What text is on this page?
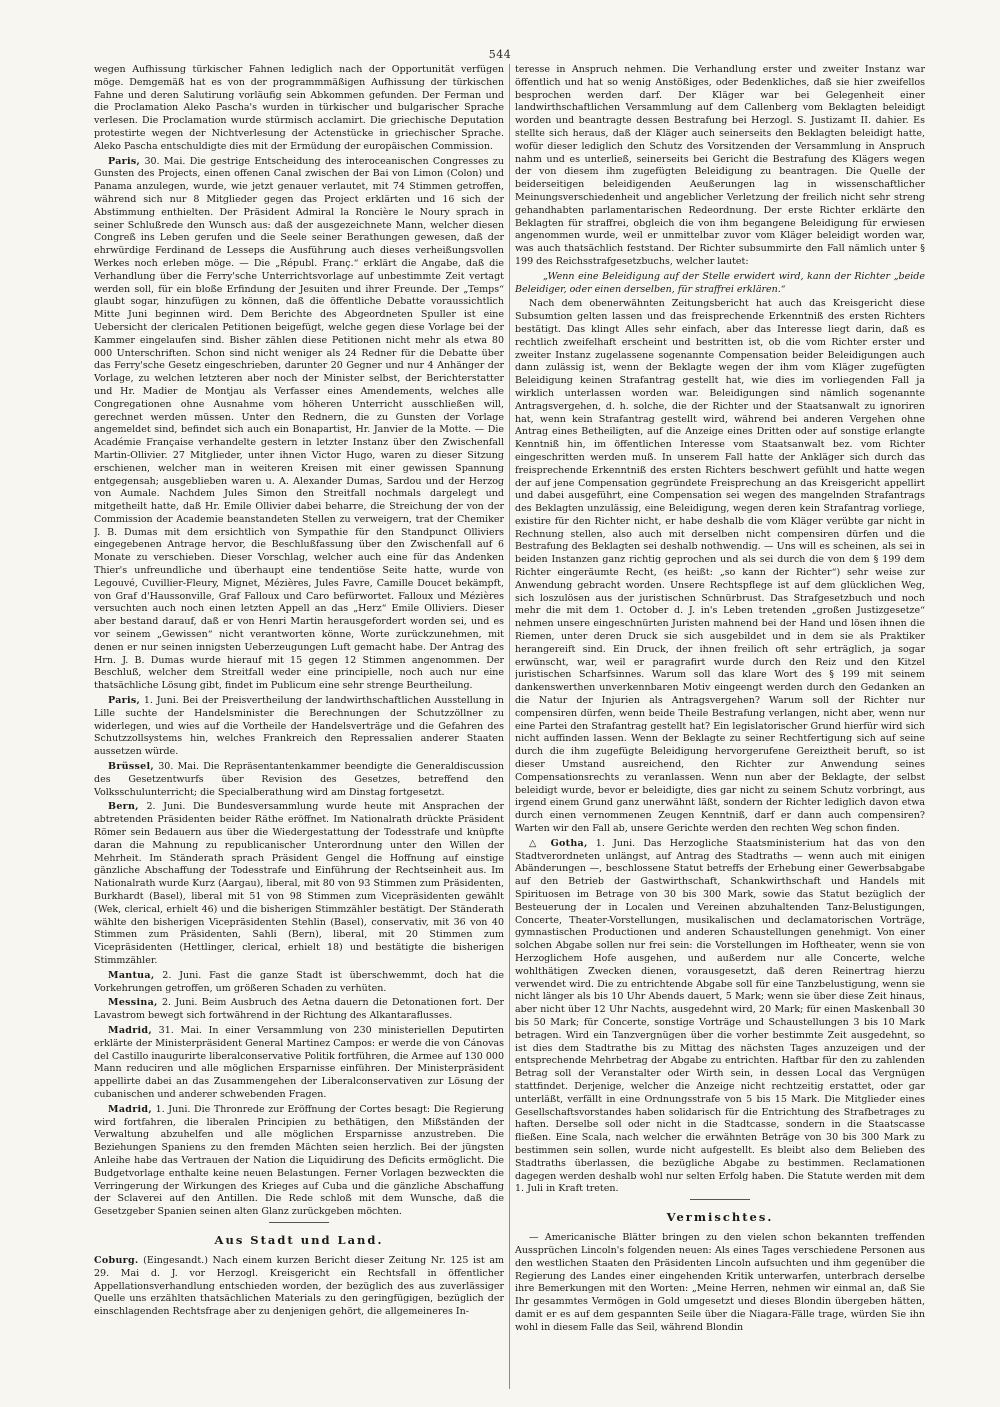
544

wegen Aufhissung türkischer Fahnen lediglich nach der Opportunität verfügen möge. Demgemäß hat es von der programmmäßigen Aufhissung der türkischen Fahne und deren Salutirung vorläufig sein Abkommen gefunden. Der Ferman und die Proclamation Aleko Pascha's wurden in türkischer und bulgarischer Sprache verlesen. Die Proclamation wurde stürmisch acclamirt. Die griechische Deputation protestirte wegen der Nichtverlesung der Actenstücke in griechischer Sprache. Aleko Pascha entschuldigte dies mit der Ermüdung der europäischen Commission.

Paris, 30. Mai. Die gestrige Entscheidung des interoceanischen Congresses zu Gunsten des Projects, einen offenen Canal zwischen der Bai von Limon (Colon) und Panama anzulegen, wurde, wie jetzt genauer verlautet, mit 74 Stimmen getroffen, während sich nur 8 Mitglieder gegen das Project erklärten und 16 sich der Abstimmung enthielten. Der Präsident Admiral la Roncière le Noury sprach in seiner Schlußrede den Wunsch aus: daß der ausgezeichnete Mann, welcher diesen Congreß ins Leben gerufen und die Seele seiner Berathungen gewesen, daß der ehrwürdige Ferdinand de Lesseps die Ausführung auch dieses verheißungsvollen Werkes noch erleben möge. — Die „Républ. Franç.“ erklärt die Angabe, daß die Verhandlung über die Ferry'sche Unterrichtsvorlage auf unbestimmte Zeit vertagt werden soll, für ein bloße Erfindung der Jesuiten und ihrer Freunde. Der „Temps“ glaubt sogar, hinzufügen zu können, daß die öffentliche Debatte voraussichtlich Mitte Juni beginnen wird. Dem Berichte des Abgeordneten Spuller ist eine Uebersicht der clericalen Petitionen beigefügt, welche gegen diese Vorlage bei der Kammer eingelaufen sind. Bisher zählen diese Petitionen nicht mehr als etwa 80 000 Unterschriften. Schon sind nicht weniger als 24 Redner für die Debatte über das Ferry'sche Gesetz eingeschrieben, darunter 20 Gegner und nur 4 Anhänger der Vorlage, zu welchen letzteren aber noch der Minister selbst, der Berichterstatter und Hr. Madier de Montjau als Verfasser eines Amendements, welches alle Congregationen ohne Ausnahme vom höheren Unterricht ausschließen will, gerechnet werden müssen. Unter den Rednern, die zu Gunsten der Vorlage angemeldet sind, befindet sich auch ein Bonapartist, Hr. Janvier de la Motte. — Die Académie Française verhandelte gestern in letzter Instanz über den Zwischenfall Martin-Ollivier. 27 Mitglieder, unter ihnen Victor Hugo, waren zu dieser Sitzung erschienen, welcher man in weiteren Kreisen mit einer gewissen Spannung entgegensah; ausgeblieben waren u. A. Alexander Dumas, Sardou und der Herzog von Aumale. Nachdem Jules Simon den Streitfall nochmals dargelegt und mitgetheilt hatte, daß Hr. Emile Ollivier dabei beharre, die Streichung der von der Commission der Academie beanstandeten Stellen zu verweigern, trat der Chemiker J. B. Dumas mit dem ersichtlich von Sympathie für den Standpunct Olliviers eingegebenen Antrage hervor, die Beschlußfassung über den Zwischenfall auf 6 Monate zu verschieben. Dieser Vorschlag, welcher auch eine für das Andenken Thier's unfreundliche und überhaupt eine tendentiöse Seite hatte, wurde von Legouvé, Cuvillier-Fleury, Mignet, Mézières, Jules Favre, Camille Doucet bekämpft, von Graf d'Haussonville, Graf Falloux und Caro befürwortet. Falloux und Mézières versuchten auch noch einen letzten Appell an das „Herz“ Emile Olliviers. Dieser aber bestand darauf, daß er von Henri Martin herausgefordert worden sei, und es vor seinem „Gewissen“ nicht verantworten könne, Worte zurückzunehmen, mit denen er nur seinen innigsten Ueberzeugungen Luft gemacht habe. Der Antrag des Hrn. J. B. Dumas wurde hierauf mit 15 gegen 12 Stimmen angenommen. Der Beschluß, welcher dem Streitfall weder eine principielle, noch auch nur eine thatsächliche Lösung gibt, findet im Publicum eine sehr strenge Beurtheilung.

Paris, 1. Juni. Bei der Preisvertheilung der landwirthschaftlichen Ausstellung in Lille suchte der Handelsminister die Berechnungen der Schutzzöllner zu widerlegen, und wies auf die Vortheile der Handelsverträge und die Gefahren des Schutzzollsystems hin, welches Frankreich den Repressalien anderer Staaten aussetzen würde.

Brüssel, 30. Mai. Die Repräsentantenkammer beendigte die Generaldiscussion des Gesetzentwurfs über Revision des Gesetzes, betreffend den Volksschulunterricht; die Specialberathung wird am Dinstag fortgesetzt.

Bern, 2. Juni. Die Bundesversammlung wurde heute mit Ansprachen der abtretenden Präsidenten beider Räthe eröffnet. Im Nationalrath drückte Präsident Römer sein Bedauern aus über die Wiedergestattung der Todesstrafe und knüpfte daran die Mahnung zu republicanischer Unterordnung unter den Willen der Mehrheit. Im Ständerath sprach Präsident Gengel die Hoffnung auf einstige gänzliche Abschaffung der Todesstrafe und Einführung der Rechtseinheit aus. Im Nationalrath wurde Kurz (Aargau), liberal, mit 80 von 93 Stimmen zum Präsidenten, Burkhardt (Basel), liberal mit 51 von 98 Stimmen zum Vicepräsidenten gewählt (Wek, clerical, erhielt 46) und die bisherigen Stimmzähler bestätigt. Der Ständerath wählte den bisherigen Vicepräsidenten Stehlin (Basel), conservativ, mit 36 von 40 Stimmen zum Präsidenten, Sahli (Bern), liberal, mit 20 Stimmen zum Vicepräsidenten (Hettlinger, clerical, erhielt 18) und bestätigte die bisherigen Stimmzähler.

Mantua, 2. Juni. Fast die ganze Stadt ist überschwemmt, doch hat die Vorkehrungen getroffen, um größeren Schaden zu verhüten.

Messina, 2. Juni. Beim Ausbruch des Aetna dauern die Detonationen fort. Der Lavastrom bewegt sich fortwährend in der Richtung des Alkantaraflusses.

Madrid, 31. Mai. In einer Versammlung von 230 ministeriellen Deputirten erklärte der Ministerpräsident General Martinez Campos: er werde die von Cánovas del Castillo inaugurirte liberalconservative Politik fortführen, die Armee auf 130 000 Mann reduciren und alle möglichen Ersparnisse einführen. Der Ministerpräsident appellirte dabei an das Zusammengehen der Liberalconservativen zur Lösung der cubanischen und anderer schwebenden Fragen.

Madrid, 1. Juni. Die Thronrede zur Eröffnung der Cortes besagt: Die Regierung wird fortfahren, die liberalen Principien zu bethätigen, den Mißständen der Verwaltung abzuhelfen und alle möglichen Ersparnisse anzustreben. Die Beziehungen Spaniens zu den fremden Mächten seien herzlich. Bei der jüngsten Anleihe habe das Vertrauen der Nation die Liquidirung des Deficits ermöglicht. Die Budgetvorlage enthalte keine neuen Belastungen. Ferner Vorlagen bezweckten die Verringerung der Wirkungen des Krieges auf Cuba und die gänzliche Abschaffung der Sclaverei auf den Antillen. Die Rede schloß mit dem Wunsche, daß die Gesetzgeber Spanien seinen alten Glanz zurückgeben möchten.

Aus Stadt und Land.

Coburg. (Eingesandt.) Nach einem kurzen Bericht dieser Zeitung Nr. 125 ist am 29. Mai d. J. vor Herzogl. Kreisgericht ein Rechtsfall in öffentlicher Appellationsverhandlung entschieden worden, der bezüglich des aus zuverlässiger Quelle uns erzählten thatsächlichen Materials zu den geringfügigen, bezüglich der einschlagenden Rechtsfrage aber zu denjenigen gehört, die allgemeineres In-

teresse in Anspruch nehmen. Die Verhandlung erster und zweiter Instanz war öffentlich und hat so wenig Anstößiges, oder Bedenkliches, daß sie hier zweifellos besprochen werden darf. Der Kläger war bei Gelegenheit einer landwirthschaftlichen Versammlung auf dem Callenberg vom Beklagten beleidigt worden und beantragte dessen Bestrafung bei Herzogl. S. Justizamt II. dahier. Es stellte sich heraus, daß der Kläger auch seinerseits den Beklagten beleidigt hatte, wofür dieser lediglich den Schutz des Vorsitzenden der Versammlung in Anspruch nahm und es unterließ, seinerseits bei Gericht die Bestrafung des Klägers wegen der von diesem ihm zugefügten Beleidigung zu beantragen. Die Quelle der beiderseitigen beleidigenden Aeußerungen lag in wissenschaftlicher Meinungsverschiedenheit und angeblicher Verletzung der freilich nicht sehr streng gehandhabten parlamentarischen Redeordnung. Der erste Richter erklärte den Beklagten für straffrei, obgleich die von ihm begangene Beleidigung für erwiesen angenommen wurde, weil er unmittelbar zuvor vom Kläger beleidigt worden war, was auch thatsächlich feststand. Der Richter subsummirte den Fall nämlich unter § 199 des Reichsstrafgesetzbuchs, welcher lautet:

„Wenn eine Beleidigung auf der Stelle erwidert wird, kann der Richter „beide Beleidiger, oder einen derselben, für straffrei erklären.“

Nach dem obenerwähnten Zeitungsbericht hat auch das Kreisgericht diese Subsumtion gelten lassen und das freisprechende Erkenntniß des ersten Richters bestätigt. Das klingt Alles sehr einfach, aber das Interesse liegt darin, daß es rechtlich zweifelhaft erscheint und bestritten ist, ob die vom Richter erster und zweiter Instanz zugelassene sogenannte Compensation beider Beleidigungen auch dann zulässig ist, wenn der Beklagte wegen der ihm vom Kläger zugefügten Beleidigung keinen Strafantrag gestellt hat, wie dies im vorliegenden Fall ja wirklich unterlassen worden war. Beleidigungen sind nämlich sogenannte Antragsvergehen, d. h. solche, die der Richter und der Staatsanwalt zu ignoriren hat, wenn kein Strafantrag gestellt wird, während bei anderen Vergehen ohne Antrag eines Betheiligten, auf die Anzeige eines Dritten oder auf sonstige erlangte Kenntniß hin, im öffentlichen Interesse vom Staatsanwalt bez. vom Richter eingeschritten werden muß. In unserem Fall hatte der Ankläger sich durch das freisprechende Erkenntniß des ersten Richters beschwert gefühlt und hatte wegen der auf jene Compensation gegründete Freisprechung an das Kreisgericht appellirt und dabei ausgeführt, eine Compensation sei wegen des mangelnden Strafantrags des Beklagten unzulässig, eine Beleidigung, wegen deren kein Strafantrag vorliege, existire für den Richter nicht, er habe deshalb die vom Kläger verübte gar nicht in Rechnung stellen, also auch mit derselben nicht compensiren dürfen und die Bestrafung des Beklagten sei deshalb nothwendig. — Uns will es scheinen, als sei in beiden Instanzen ganz richtig geprochen und als sei durch die von dem § 199 dem Richter eingeräumte Recht, (es heißt: „so kann der Richter“) sehr weise zur Anwendung gebracht worden. Unsere Rechtspflege ist auf dem glücklichen Weg, sich loszulösen aus der juristischen Schnürbrust. Das Strafgesetzbuch und noch mehr die mit dem 1. October d. J. in's Leben tretenden „großen Justizgesetze“ nehmen unsere eingeschnürten Juristen mahnend bei der Hand und lösen ihnen die Riemen, unter deren Druck sie sich ausgebildet und in dem sie als Praktiker herangereift sind. Ein Druck, der ihnen freilich oft sehr erträglich, ja sogar erwünscht, war, weil er paragrafirt wurde durch den Reiz und den Kitzel juristischen Scharfsinnes. Warum soll das klare Wort des § 199 mit seinem dankenswerthen unverkennbaren Motiv eingeengt werden durch den Gedanken an die Natur der Injurien als Antragsvergehen? Warum soll der Richter nur compensiren dürfen, wenn beide Theile Bestrafung verlangen, nicht aber, wenn nur eine Partei den Strafantrag gestellt hat? Ein legislatorischer Grund hierfür wird sich nicht auffinden lassen. Wenn der Beklagte zu seiner Rechtfertigung sich auf seine durch die ihm zugefügte Beleidigung hervorgerufene Gereiztheit beruft, so ist dieser Umstand ausreichend, den Richter zur Anwendung seines Compensationsrechts zu veranlassen. Wenn nun aber der Beklagte, der selbst beleidigt wurde, bevor er beleidigte, dies gar nicht zu seinem Schutz vorbringt, aus irgend einem Grund ganz unerwähnt läßt, sondern der Richter lediglich davon etwa durch einen vernommenen Zeugen Kenntniß, darf er dann auch compensiren? Warten wir den Fall ab, unsere Gerichte werden den rechten Weg schon finden.

△ Gotha, 1. Juni. Das Herzogliche Staatsministerium hat das von den Stadtverordneten unlängst, auf Antrag des Stadtraths — wenn auch mit einigen Abänderungen —, beschlossene Statut betreffs der Erhebung einer Gewerbsabgabe auf den Betrieb der Gastwirthschaft, Schankwirthschaft und Handels mit Spirituosen im Betrage von 30 bis 300 Mark, sowie das Statut bezüglich der Besteuerung der in Localen und Vereinen abzuhaltenden Tanz-Belustigungen, Concerte, Theater-Vorstellungen, musikalischen und declamatorischen Vorträge, gymnastischen Productionen und anderen Schaustellungen genehmigt. Von einer solchen Abgabe sollen nur frei sein: die Vorstellungen im Hoftheater, wenn sie von Herzoglichem Hofe ausgehen, und außerdem nur alle Concerte, welche wohlthätigen Zwecken dienen, vorausgesetzt, daß deren Reinertrag hierzu verwendet wird. Die zu entrichtende Abgabe soll für eine Tanzbelustigung, wenn sie nicht länger als bis 10 Uhr Abends dauert, 5 Mark; wenn sie über diese Zeit hinaus, aber nicht über 12 Uhr Nachts, ausgedehnt wird, 20 Mark; für einen Maskenball 30 bis 50 Mark; für Concerte, sonstige Vorträge und Schaustellungen 3 bis 10 Mark betragen. Wird ein Tanzvergnügen über die vorher bestimmte Zeit ausgedehnt, so ist dies dem Stadtrathe bis zu Mittag des nächsten Tages anzuzeigen und der entsprechende Mehrbetrag der Abgabe zu entrichten. Haftbar für den zu zahlenden Betrag soll der Veranstalter oder Wirth sein, in dessen Local das Vergnügen stattfindet. Derjenige, welcher die Anzeige nicht rechtzeitig erstattet, oder gar unterläßt, verfällt in eine Ordnungsstrafe von 5 bis 15 Mark. Die Mitglieder eines Gesellschaftsvorstandes haben solidarisch für die Entrichtung des Strafbetrages zu haften. Derselbe soll oder nicht in die Stadtcasse, sondern in die Staatscasse fließen. Eine Scala, nach welcher die erwähnten Beträge von 30 bis 300 Mark zu bestimmen sein sollen, wurde nicht aufgestellt. Es bleibt also dem Belieben des Stadtraths überlassen, die bezügliche Abgabe zu bestimmen. Reclamationen dagegen werden deshalb wohl nur selten Erfolg haben. Die Statute werden mit dem 1. Juli in Kraft treten.

Vermischtes.

— Americanische Blätter bringen zu den vielen schon bekannten treffenden Aussprüchen Lincoln's folgenden neuen: Als eines Tages verschiedene Personen aus den westlichen Staaten den Präsidenten Lincoln aufsuchten und ihm gegenüber die Regierung des Landes einer eingehenden Kritik unterwarfen, unterbrach derselbe ihre Bemerkungen mit den Worten: „Meine Herren, nehmen wir einmal an, daß Sie Ihr gesammtes Vermögen in Gold umgesetzt und dieses Blondin übergeben hätten, damit er es auf dem gespannten Seile über die Niagara-Fälle trage, würden Sie ihn wohl in diesem Falle das Seil, während Blondin
